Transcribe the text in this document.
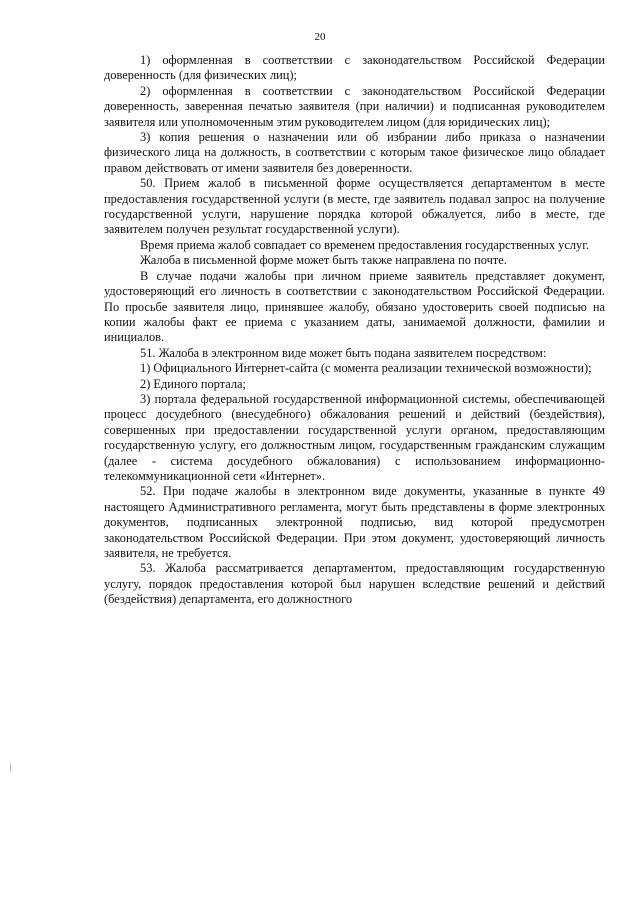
20

1) оформленная в соответствии с законодательством Российской Федерации доверенность (для физических лиц);

2) оформленная в соответствии с законодательством Российской Федерации доверенность, заверенная печатью заявителя (при наличии) и подписанная руководителем заявителя или уполномоченным этим руководителем лицом (для юридических лиц);

3) копия решения о назначении или об избрании либо приказа о назначении физического лица на должность, в соответствии с которым такое физическое лицо обладает правом действовать от имени заявителя без доверенности.

50. Прием жалоб в письменной форме осуществляется департаментом в месте предоставления государственной услуги (в месте, где заявитель подавал запрос на получение государственной услуги, нарушение порядка которой обжалуется, либо в месте, где заявителем получен результат государственной услуги).

Время приема жалоб совпадает со временем предоставления государственных услуг.

Жалоба в письменной форме может быть также направлена по почте.

В случае подачи жалобы при личном приеме заявитель представляет документ, удостоверяющий его личность в соответствии с законодательством Российской Федерации. По просьбе заявителя лицо, принявшее жалобу, обязано удостоверить своей подписью на копии жалобы факт ее приема с указанием даты, занимаемой должности, фамилии и инициалов.

51. Жалоба в электронном виде может быть подана заявителем посредством:

1) Официального Интернет-сайта (с момента реализации технической возможности);

2) Единого портала;

3) портала федеральной государственной информационной системы, обеспечивающей процесс досудебного (внесудебного) обжалования решений и действий (бездействия), совершенных при предоставлении государственной услуги органом, предоставляющим государственную услугу, его должностным лицом, государственным гражданским служащим (далее - система досудебного обжалования) с использованием информационно-телекоммуникационной сети «Интернет».

52. При подаче жалобы в электронном виде документы, указанные в пункте 49 настоящего Административного регламента, могут быть представлены в форме электронных документов, подписанных электронной подписью, вид которой предусмотрен законодательством Российской Федерации. При этом документ, удостоверяющий личность заявителя, не требуется.

53. Жалоба рассматривается департаментом, предоставляющим государственную услугу, порядок предоставления которой был нарушен вследствие решений и действий (бездействия) департамента, его должностного
